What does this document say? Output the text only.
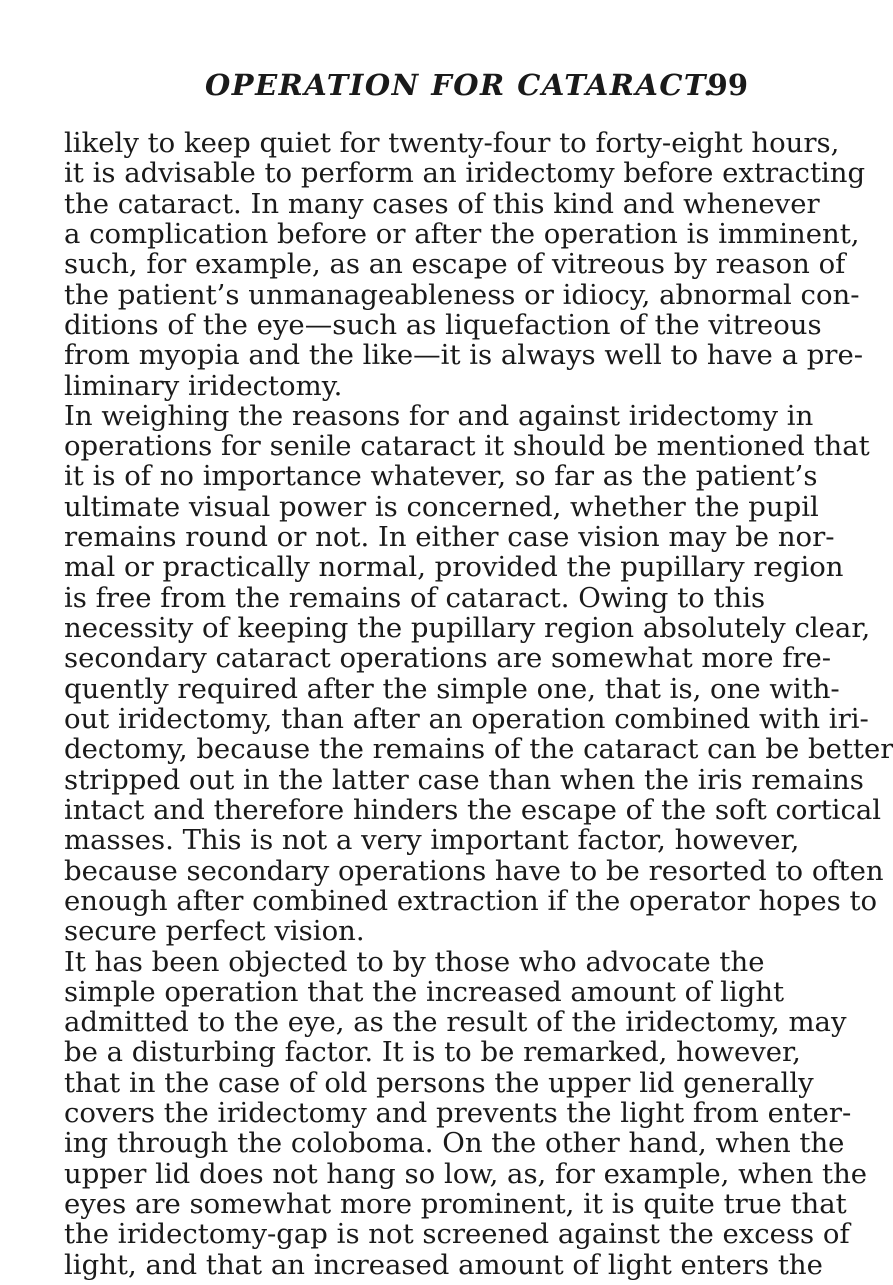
OPERATION FOR CATARACT.
99
likely to keep quiet for twenty-four to forty-eight hours,
it is advisable to perform an iridectomy before extracting
the cataract. In many cases of this kind and whenever
a complication before or after the operation is imminent,
such, for example, as an escape of vitreous by reason of
the patient’s unmanageableness or idiocy, abnormal con-
ditions of the eye—such as liquefaction of the vitreous
from myopia and the like—it is always well to have a pre-
liminary iridectomy.
In weighing the reasons for and against iridectomy in
operations for senile cataract it should be mentioned that
it is of no importance whatever, so far as the patient’s
ultimate visual power is concerned, whether the pupil
remains round or not. In either case vision may be nor-
mal or practically normal, provided the pupillary region
is free from the remains of cataract. Owing to this
necessity of keeping the pupillary region absolutely clear,
secondary cataract operations are somewhat more fre-
quently required after the simple one, that is, one with-
out iridectomy, than after an operation combined with iri-
dectomy, because the remains of the cataract can be better
stripped out in the latter case than when the iris remains
intact and therefore hinders the escape of the soft cortical
masses. This is not a very important factor, however,
because secondary operations have to be resorted to often
enough after combined extraction if the operator hopes to
secure perfect vision.
It has been objected to by those who advocate the
simple operation that the increased amount of light
admitted to the eye, as the result of the iridectomy, may
be a disturbing factor. It is to be remarked, however,
that in the case of old persons the upper lid generally
covers the iridectomy and prevents the light from enter-
ing through the coloboma. On the other hand, when the
upper lid does not hang so low, as, for example, when the
eyes are somewhat more prominent, it is quite true that
the iridectomy-gap is not screened against the excess of
light, and that an increased amount of light enters the
